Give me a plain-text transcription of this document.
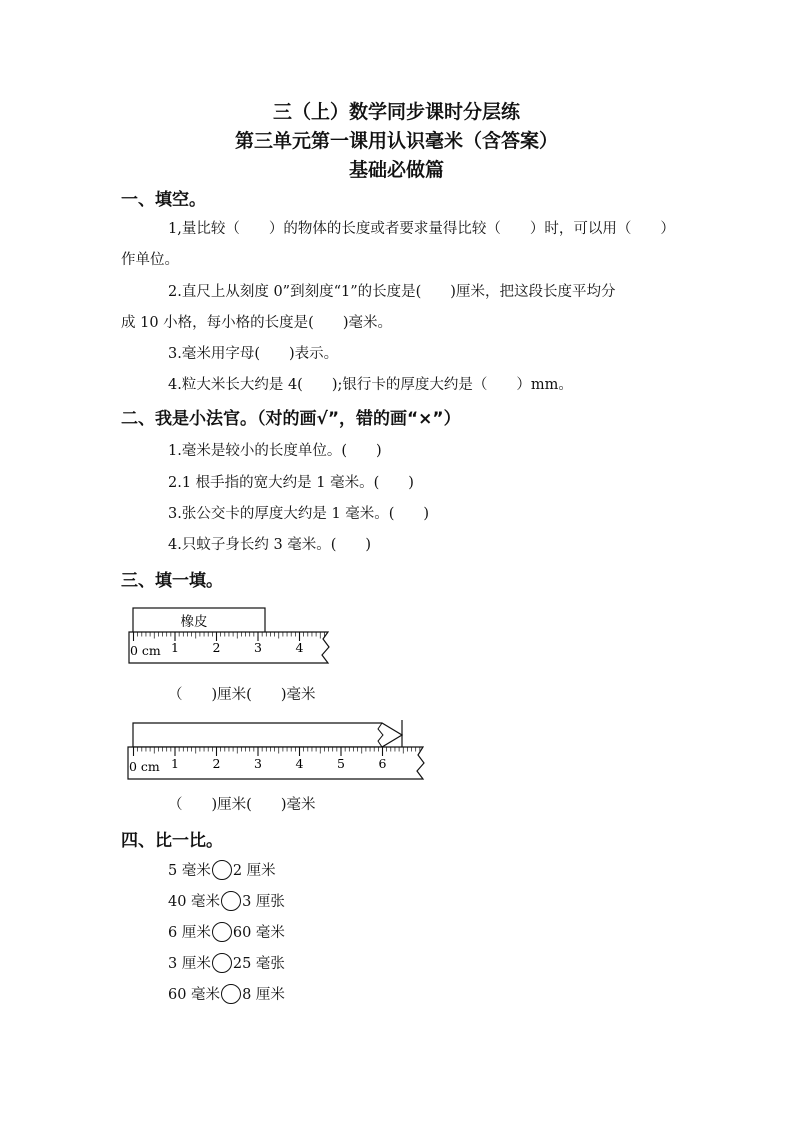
三（上）数学同步课时分层练
第三单元第一课用认识毫米（含答案）
基础必做篇
一、填空。
1,量比较（　　）的物体的长度或者要求量得比较（　　）时，可以用（　　）
作单位。
2.直尺上从刻度 0”到刻度“1”的长度是(　　)厘米，把这段长度平均分
成 10 小格，每小格的长度是(　　)毫米。
3.毫米用字母(　　)表示。
4.粒大米长大约是 4(　　);银行卡的厚度大约是（　　）mm。
二、我是小法官。（对的画√”，错的画“×”）
1.毫米是较小的长度单位。(　　)
2.1 根手指的宽大约是 1 毫米。(　　)
3.张公交卡的厚度大约是 1 毫米。(　　)
4.只蚊子身长约 3 毫米。(　　)
三、填一填。
橡皮
0 cm 1	2	3	4
（　　)厘米(　　)毫米
0 cm 1	2	3	4	5	6
（　　)厘米(　　)毫米
四、比一比。
5 毫米 2 厘米
40 毫米 3 厘张
6 厘米 60 毫米
3 厘米 25 毫张
60 毫米 8 厘米
